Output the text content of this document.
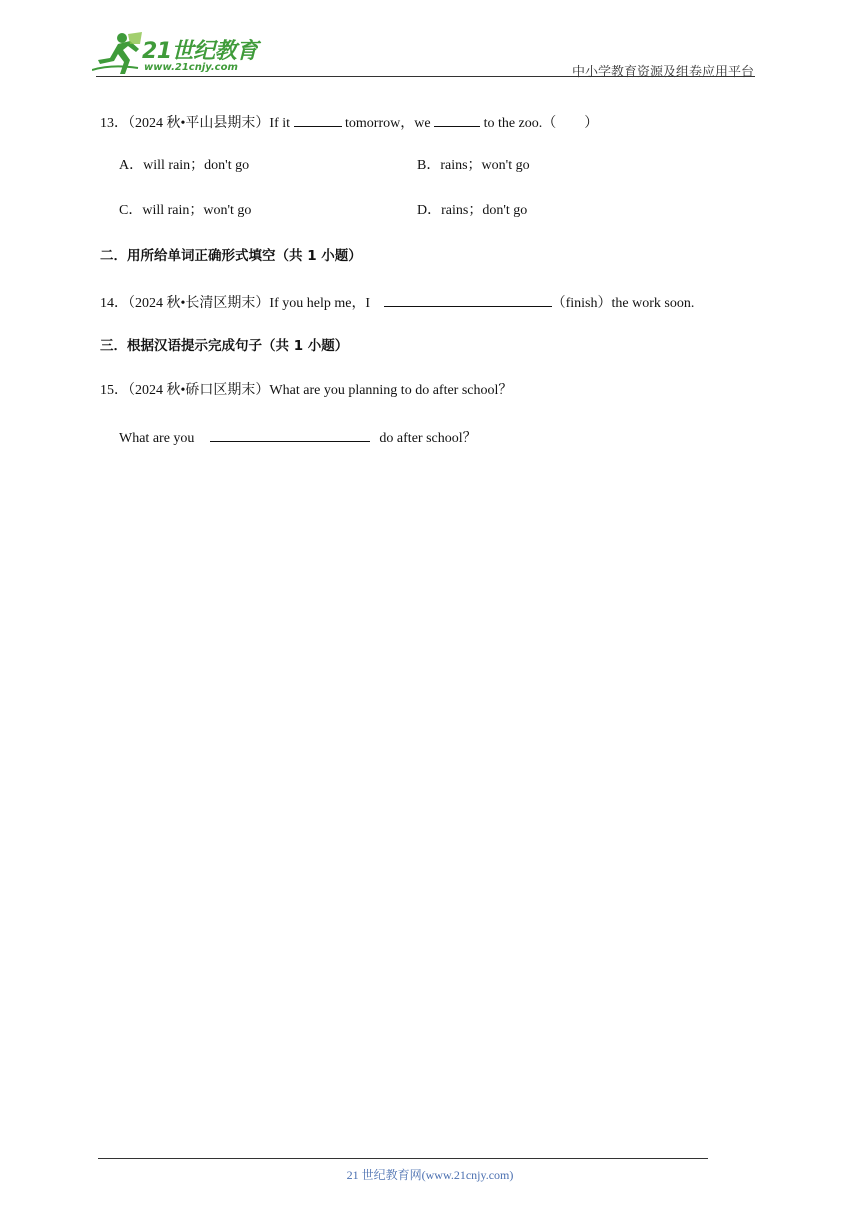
21世纪教育
www.21cnjy.com	中小学教育资源及组卷应用平台
13．（2024 秋•平山县期末）If it	tomorrow，we	to the zoo.（　　）
A．will rain；don't go	B．rains；won't go
C．will rain；won't go	D．rains；don't go
二．用所给单词正确形式填空（共 1 小题）
14．（2024 秋•长清区期末）If you help me，I	（finish）the work soon.
三．根据汉语提示完成句子（共 1 小题）
15．（2024 秋•硚口区期末）What are you planning to do after school？
What are you	do after school？
21 世纪教育网(www.21cnjy.com)
